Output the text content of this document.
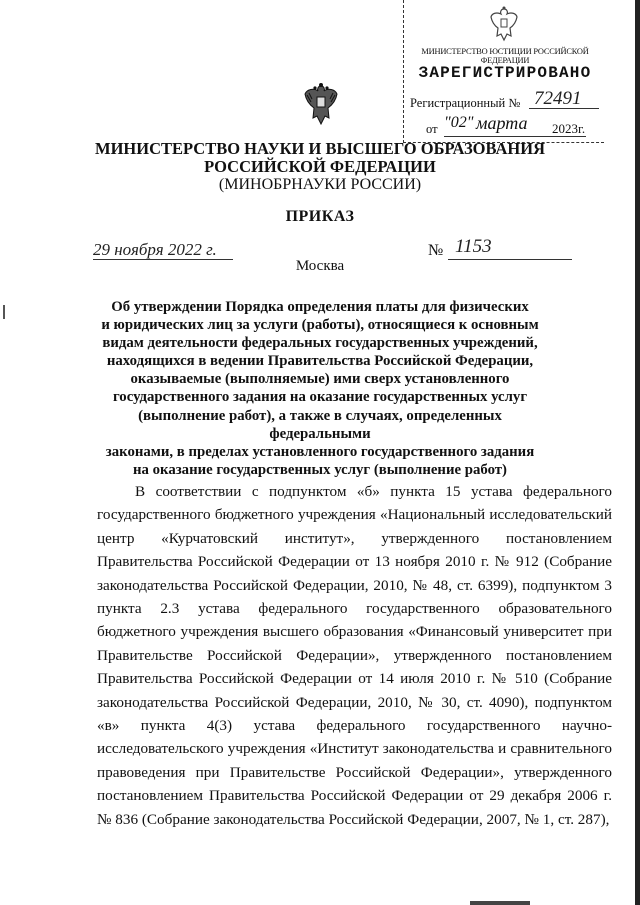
МИНИСТЕРСТВО ЮСТИЦИИ РОССИЙСКОЙ ФЕДЕРАЦИИ
ЗАРЕГИСТРИРОВАНО
Регистрационный № 72491
от "02" марта 2023г.
МИНИСТЕРСТВО НАУКИ И ВЫСШЕГО ОБРАЗОВАНИЯ
РОССИЙСКОЙ ФЕДЕРАЦИИ
(МИНОБРНАУКИ РОССИИ)
ПРИКАЗ
29 ноября 2022 г.	№ 1153
Москва
Об утверждении Порядка определения платы для физических
и юридических лиц за услуги (работы), относящиеся к основным
видам деятельности федеральных государственных учреждений,
находящихся в ведении Правительства Российской Федерации,
оказываемые (выполняемые) ими сверх установленного
государственного задания на оказание государственных услуг
(выполнение работ), а также в случаях, определенных федеральными
законами, в пределах установленного государственного задания
на оказание государственных услуг (выполнение работ)

В соответствии с подпунктом «б» пункта 15 устава федерального государственного бюджетного учреждения «Национальный исследовательский центр «Курчатовский институт», утвержденного постановлением Правительства Российской Федерации от 13 ноября 2010 г. № 912 (Собрание законодательства Российской Федерации, 2010, № 48, ст. 6399), подпунктом 3 пункта 2.3 устава федерального государственного образовательного бюджетного учреждения высшего образования «Финансовый университет при Правительстве Российской Федерации», утвержденного постановлением Правительства Российской Федерации от 14 июля 2010 г. № 510 (Собрание законодательства Российской Федерации, 2010, № 30, ст. 4090), подпунктом «в» пункта 4(3) устава федерального государственного научно-исследовательского учреждения «Институт законодательства и сравнительного правоведения при Правительстве Российской Федерации», утвержденного постановлением Правительства Российской Федерации от 29 декабря 2006 г. № 836 (Собрание законодательства Российской Федерации, 2007, № 1, ст. 287),
